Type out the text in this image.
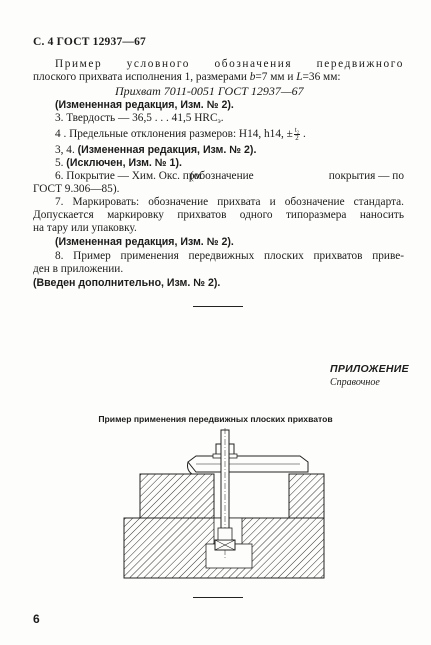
С. 4 ГОСТ 12937—67
Пример условного обозначения передвижного
плоского прихвата исполнения 1, размерами b=7 мм и L=36 мм:
Прихват 7011-0051 ГОСТ 12937—67
(Измененная редакция, Изм. № 2).
3. Твердость — 36,5 . . . 41,5 HRCэ.
4 . Предельные отклонения размеров: H14, h14, ± $\frac{\text{t₂}}{2}$ .
3, 4. (Измененная редакция, Изм. № 2).
5. (Исключен, Изм. № 1).
6. Покрытие — Хим. Окс. прм
(обозначение	покрытия — по
ГОСТ 9.306—85).
7. Маркировать: обозначение прихвата и обозначение стандарта.
Допускается маркировку прихватов одного типоразмера наносить
на тару или упаковку.
(Измененная редакция, Изм. № 2).
8. Пример применения передвижных плоских прихватов приве-
ден в приложении.
(Введен дополнительно, Изм. № 2).
ПРИЛОЖЕНИЕ
Справочное
Пример применения передвижных плоских прихватов
6
